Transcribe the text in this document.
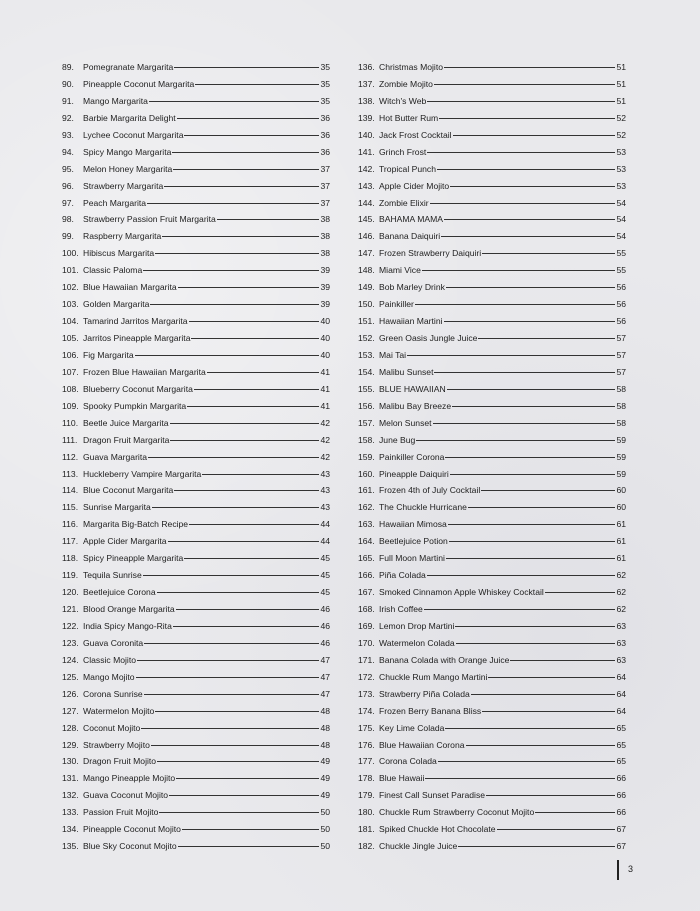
89.	Pomegranate Margarita	35
90.	Pineapple Coconut Margarita	35
91.	Mango Margarita	35
92.	Barbie Margarita Delight	36
93.	Lychee Coconut Margarita	36
94.	Spicy Mango Margarita	36
95.	Melon Honey Margarita	37
96.	Strawberry Margarita	37
97.	Peach Margarita	37
98.	Strawberry Passion Fruit Margarita	38
99.	Raspberry Margarita	38
100. Hibiscus Margarita	38
101. Classic Paloma	39
102. Blue Hawaiian Margarita	39
103. Golden Margarita	39
104. Tamarind Jarritos Margarita	40
105. Jarritos Pineapple Margarita	40
106. Fig Margarita	40
107. Frozen Blue Hawaiian Margarita	41
108. Blueberry Coconut Margarita	41
109. Spooky Pumpkin Margarita	41
110. Beetle Juice Margarita	42
111. Dragon Fruit Margarita	42
112. Guava Margarita	42
113. Huckleberry Vampire Margarita	43
114. Blue Coconut Margarita	43
115. Sunrise Margarita	43
116. Margarita Big-Batch Recipe	44
117. Apple Cider Margarita	44
118. Spicy Pineapple Margarita	45
119. Tequila Sunrise	45
120. Beetlejuice Corona	45
121. Blood Orange Margarita	46
122. India Spicy Mango-Rita	46
123. Guava Coronita	46
124. Classic Mojito	47
125. Mango Mojito	47
126. Corona Sunrise	47
127. Watermelon Mojito	48
128. Coconut Mojito	48
129. Strawberry Mojito	48
130. Dragon Fruit Mojito	49
131. Mango Pineapple Mojito	49
132. Guava Coconut Mojito	49
133. Passion Fruit Mojito	50
134. Pineapple Coconut Mojito	50
135. Blue Sky Coconut Mojito	50
136. Christmas Mojito	51
137. Zombie Mojito	51
138. Witch's Web	51
139. Hot Butter Rum	52
140. Jack Frost Cocktail	52
141. Grinch Frost	53
142. Tropical Punch	53
143. Apple Cider Mojito	53
144. Zombie Elixir	54
145. BAHAMA MAMA	54
146. Banana Daiquiri	54
147. Frozen Strawberry Daiquiri	55
148. Miami Vice	55
149. Bob Marley Drink	56
150. Painkiller	56
151. Hawaiian Martini	56
152. Green Oasis Jungle Juice	57
153. Mai Tai	57
154. Malibu Sunset	57
155. BLUE HAWAIIAN	58
156. Malibu Bay Breeze	58
157. Melon Sunset	58
158. June Bug	59
159. Painkiller Corona	59
160. Pineapple Daiquiri	59
161. Frozen 4th of July Cocktail	60
162. The Chuckle Hurricane	60
163. Hawaiian Mimosa	61
164. Beetlejuice Potion	61
165. Full Moon Martini	61
166. Piña Colada	62
167. Smoked Cinnamon Apple Whiskey Cocktail	62
168. Irish Coffee	62
169. Lemon Drop Martini	63
170. Watermelon Colada	63
171. Banana Colada with Orange Juice	63
172. Chuckle Rum Mango Martini	64
173. Strawberry Piña Colada	64
174. Frozen Berry Banana Bliss	64
175. Key Lime Colada	65
176. Blue Hawaiian Corona	65
177. Corona Colada	65
178. Blue Hawaii	66
179. Finest Call Sunset Paradise	66
180. Chuckle Rum Strawberry Coconut Mojito	66
181. Spiked Chuckle Hot Chocolate	67
182. Chuckle Jingle Juice	67
3
